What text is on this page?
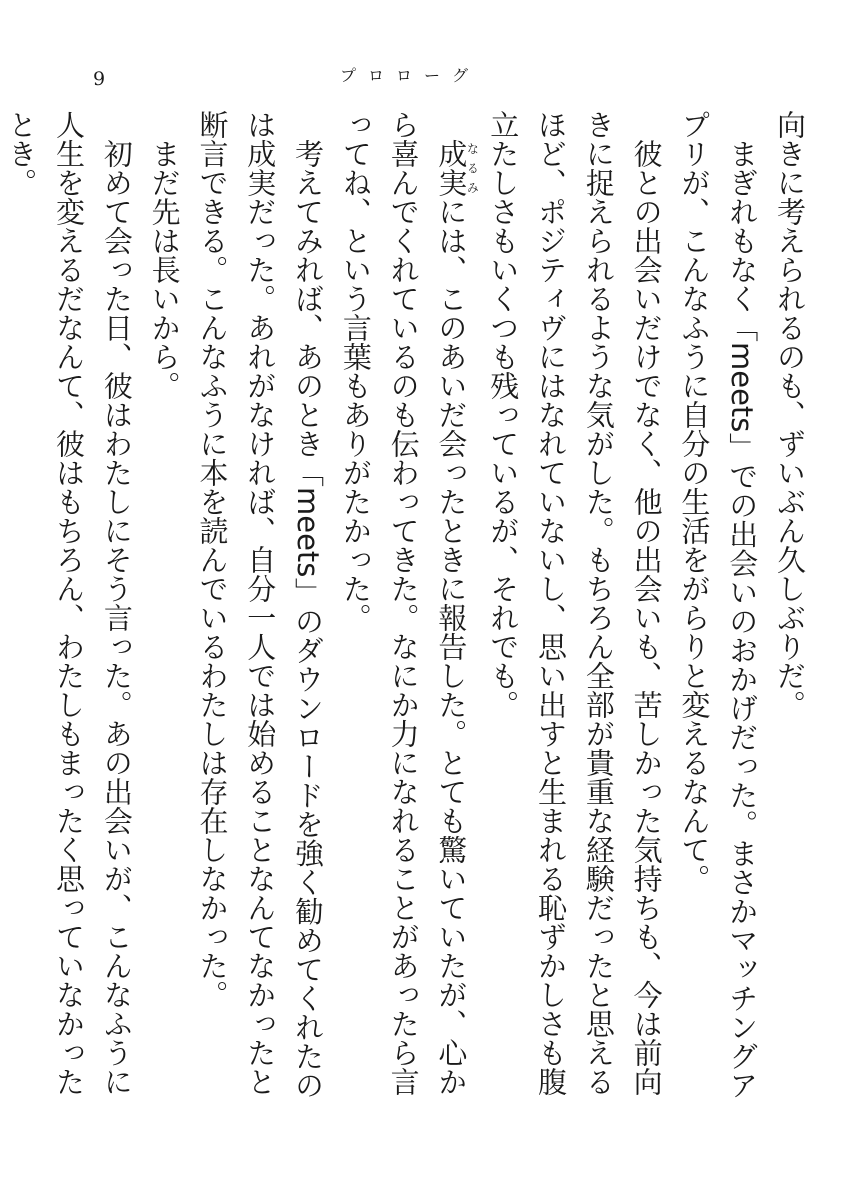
9	プロローグ

向きに考えられるのも、ずいぶん久しぶりだ。

まぎれもなく「meets」での出会いのおかげだった。まさかマッチングアプリが、こんなふうに自分の生活をがらりと変えるなんて。

彼との出会いだけでなく、他の出会いも、苦しかった気持ちも、今は前向きに捉えられるような気がした。もちろん全部が貴重な経験だったと思えるほど、ポジティヴにはなれていないし、思い出すと生まれる恥ずかしさも腹立たしさもいくつも残っているが、それでも。

成実なるみには、このあいだ会ったときに報告した。とても驚いていたが、心から喜んでくれているのも伝わってきた。なにか力になれることがあったら言ってね、という言葉もありがたかった。

考えてみれば、あのとき「meets」のダウンロードを強く勧めてくれたのは成実だった。あれがなければ、自分一人では始めることなんてなかったと断言できる。こんなふうに本を読んでいるわたしは存在しなかった。

まだ先は長いから。

初めて会った日、彼はわたしにそう言った。あの出会いが、こんなふうに人生を変えるだなんて、彼はもちろん、わたしもまったく思っていなかったとき。
